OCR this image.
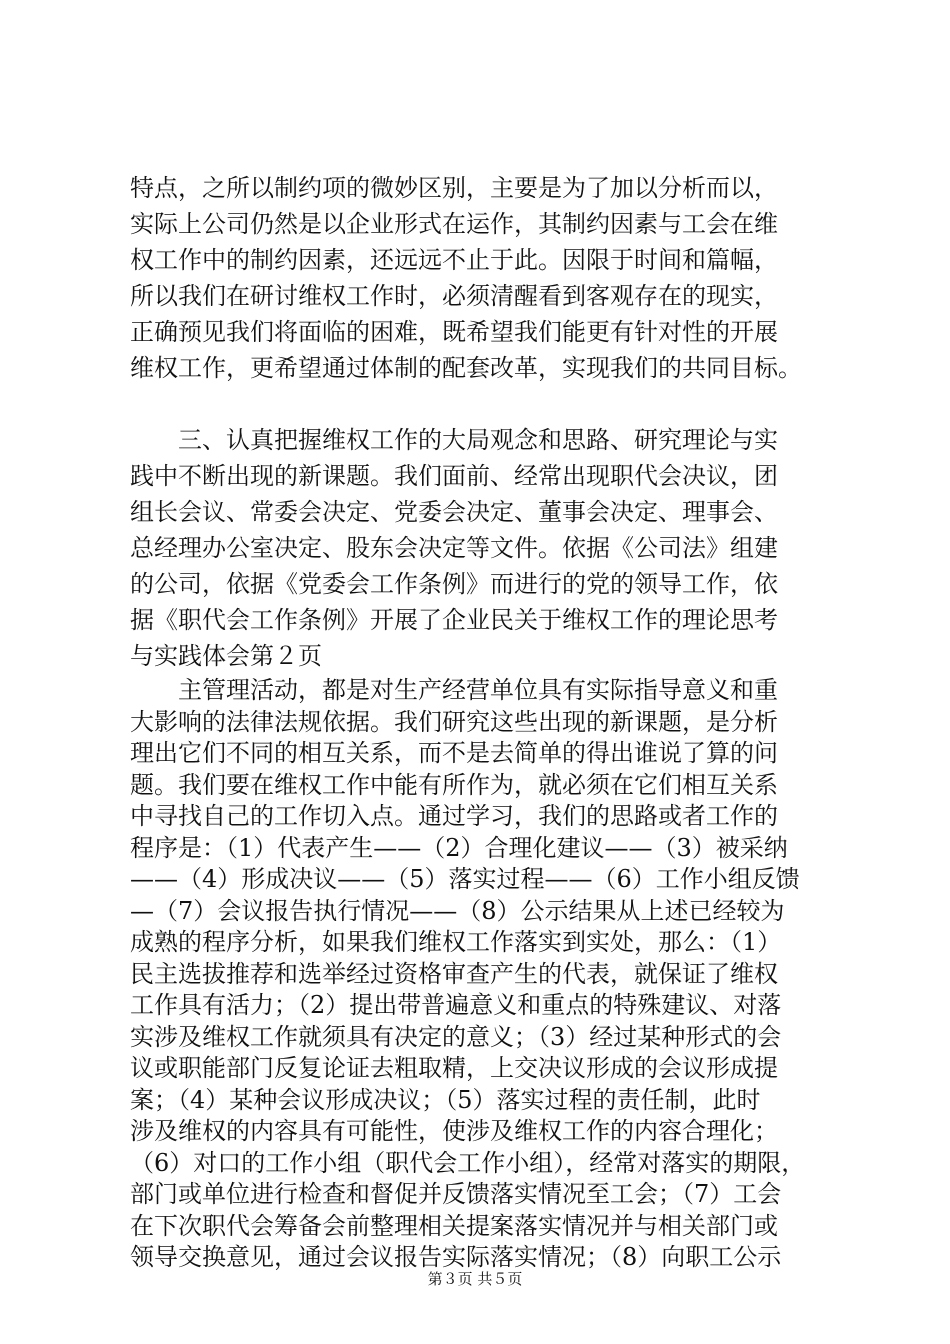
特点，之所以制约项的微妙区别，主要是为了加以分析而以，
实际上公司仍然是以企业形式在运作，其制约因素与工会在维
权工作中的制约因素，还远远不止于此。因限于时间和篇幅，
所以我们在研讨维权工作时，必须清醒看到客观存在的现实，
正确预见我们将面临的困难，既希望我们能更有针对性的开展
维权工作，更希望通过体制的配套改革，实现我们的共同目标。
　　三、认真把握维权工作的大局观念和思路、研究理论与实
践中不断出现的新课题。我们面前、经常出现职代会决议，团
组长会议、常委会决定、党委会决定、董事会决定、理事会、
总经理办公室决定、股东会决定等文件。依据《公司法》组建
的公司，依据《党委会工作条例》而进行的党的领导工作，依
据《职代会工作条例》开展了企业民关于维权工作的理论思考
与实践体会第２页
　　主管理活动，都是对生产经营单位具有实际指导意义和重
大影响的法律法规依据。我们研究这些出现的新课题，是分析
理出它们不同的相互关系，而不是去简单的得出谁说了算的问
题。我们要在维权工作中能有所作为，就必须在它们相互关系
中寻找自己的工作切入点。通过学习，我们的思路或者工作的
程序是：（1）代表产生——（2）合理化建议——（3）被采纳
——（4）形成决议——（5）落实过程——（6）工作小组反馈
—（7）会议报告执行情况——（8）公示结果从上述已经较为
成熟的程序分析，如果我们维权工作落实到实处，那么：（1）
民主选拔推荐和选举经过资格审查产生的代表，就保证了维权
工作具有活力；（2）提出带普遍意义和重点的特殊建议、对落
实涉及维权工作就须具有决定的意义；（3）经过某种形式的会
议或职能部门反复论证去粗取精，上交决议形成的会议形成提
案；（4）某种会议形成决议；（5）落实过程的责任制，此时
涉及维权的内容具有可能性，使涉及维权工作的内容合理化；
（6）对口的工作小组（职代会工作小组），经常对落实的期限，
部门或单位进行检查和督促并反馈落实情况至工会；（7）工会
在下次职代会筹备会前整理相关提案落实情况并与相关部门或
领导交换意见，通过会议报告实际落实情况；（8）向职工公示
第３页 共５页
